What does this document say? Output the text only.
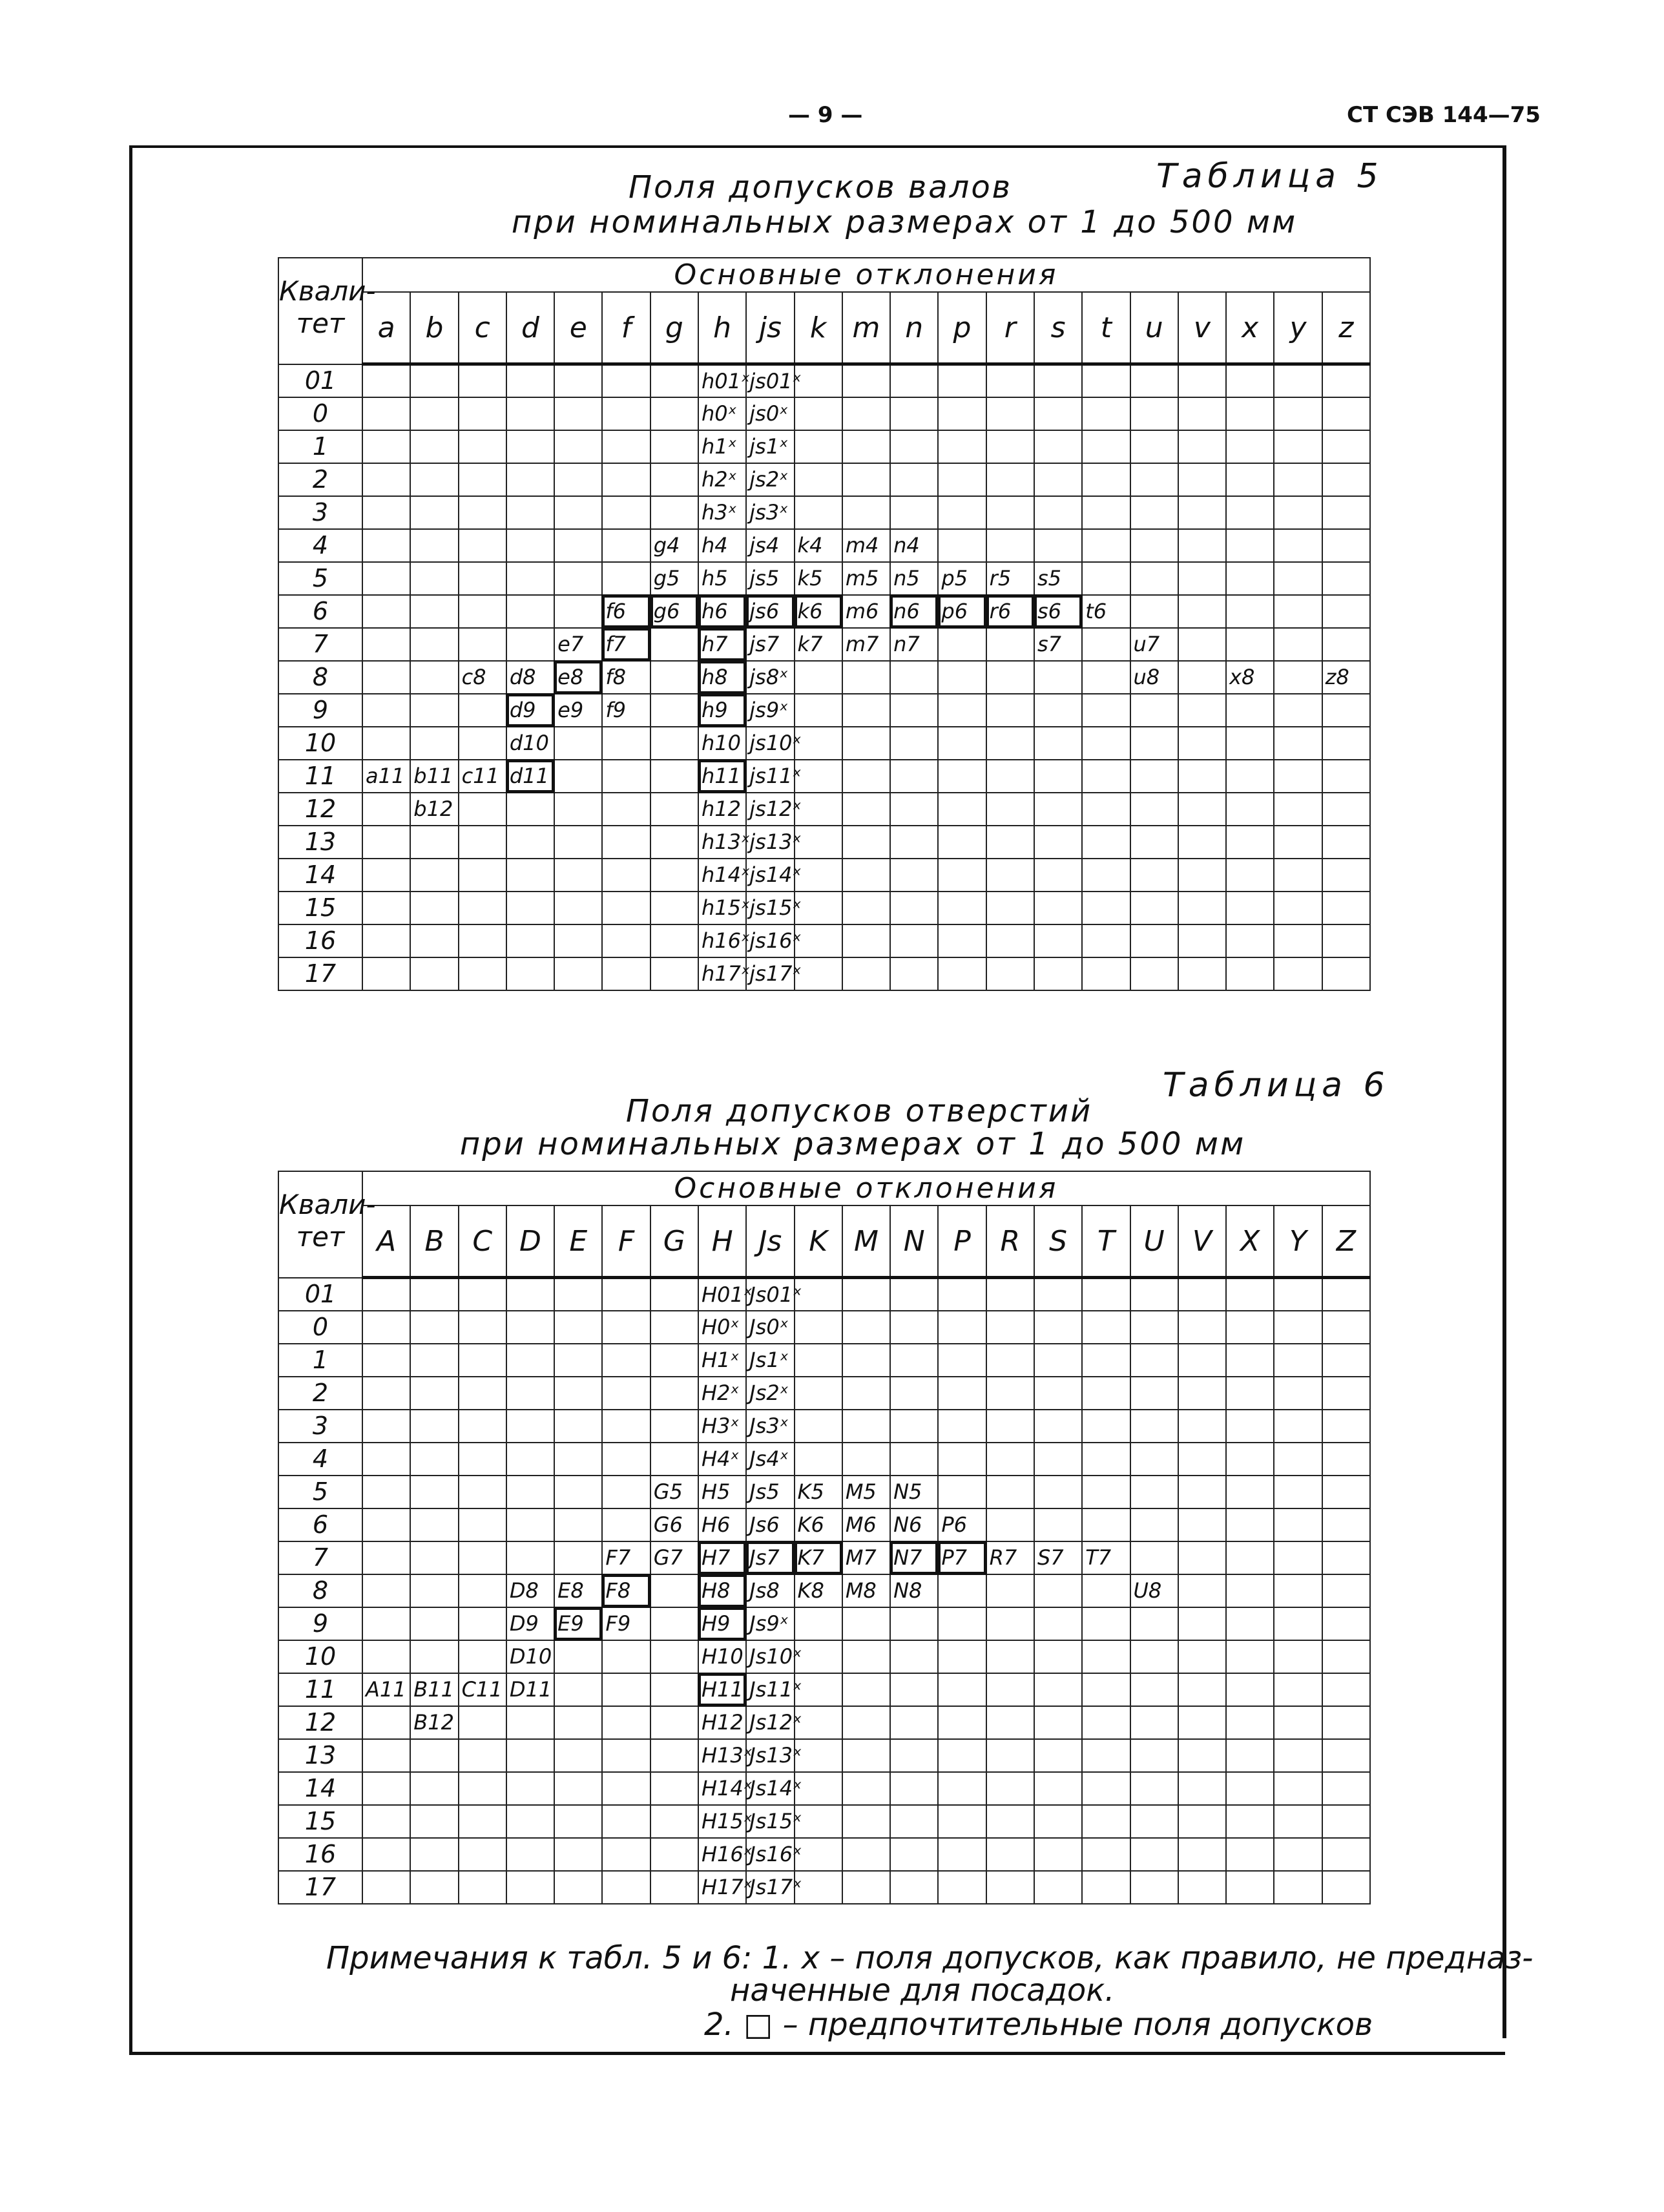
— 9 —	СТ СЭВ 144—75
Таблица 5
Поля допусков валов
при номинальных размерах от 1 до 500 мм
Квали-
тет	Основные отклонения																				
	a	b	c	d	e	f	g	h	js	k	m	n	p	r	s	t	u	v	x	y	z
01								h01ˣ	js01ˣ												
0								h0ˣ	js0ˣ												
1								h1ˣ	js1ˣ												
2								h2ˣ	js2ˣ												
3								h3ˣ	js3ˣ												
4							g4	h4	js4	k4	m4	n4									
5							g5	h5	js5	k5	m5	n5	p5	r5	s5						
6						f6	g6	h6	js6	k6	m6	n6	p6	r6	s6	t6					
7					e7	f7		h7	js7	k7	m7	n7			s7		u7				
8			c8	d8	e8	f8		h8	js8ˣ								u8		x8		z8
9				d9	e9	f9		h9	js9ˣ												
10				d10				h10	js10ˣ												
11	a11	b11	c11	d11				h11	js11ˣ												
12		b12						h12	js12ˣ												
13								h13ˣ	js13ˣ												
14								h14ˣ	js14ˣ												
15								h15ˣ	js15ˣ												
16								h16ˣ	js16ˣ												
17								h17ˣ	js17ˣ												
Таблица 6
Поля допусков отверстий
при номинальных размерах от 1 до 500 мм
Квали-
тет	Основные отклонения																				
	A	B	C	D	E	F	G	H	Js	K	M	N	P	R	S	T	U	V	X	Y	Z
01								H01ˣ	Js01ˣ												
0								H0ˣ	Js0ˣ												
1								H1ˣ	Js1ˣ												
2								H2ˣ	Js2ˣ												
3								H3ˣ	Js3ˣ												
4								H4ˣ	Js4ˣ												
5							G5	H5	Js5	K5	M5	N5									
6							G6	H6	Js6	K6	M6	N6	P6								
7						F7	G7	H7	Js7	K7	M7	N7	P7	R7	S7	T7					
8				D8	E8	F8		H8	Js8	K8	M8	N8					U8				
9				D9	E9	F9		H9	Js9ˣ												
10				D10				H10	Js10ˣ												
11	A11	B11	C11	D11				H11	Js11ˣ												
12		B12						H12	Js12ˣ												
13								H13ˣ	Js13ˣ												
14								H14ˣ	Js14ˣ												
15								H15ˣ	Js15ˣ												
16								H16ˣ	Js16ˣ												
17								H17ˣ	Js17ˣ												
Примечания к табл. 5 и 6: 1. x – поля допусков, как правило, не предназ-
наченные для посадок.
2. □ – предпочтительные поля допусков
